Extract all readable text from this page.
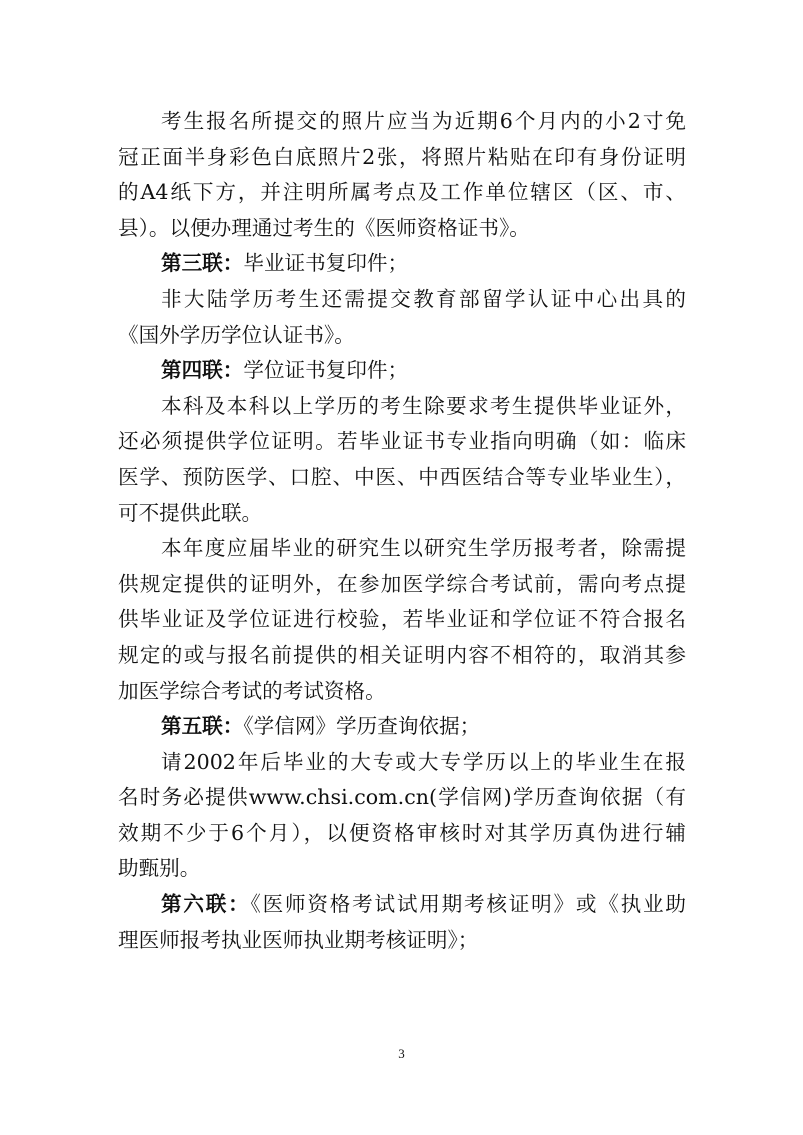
考生报名所提交的照片应当为近期6个月内的小2寸免
冠正面半身彩色白底照片2张，将照片粘贴在印有身份证明
的A4纸下方，并注明所属考点及工作单位辖区（区、市、
县）。以便办理通过考生的《医师资格证书》。
第三联：毕业证书复印件；
非大陆学历考生还需提交教育部留学认证中心出具的
《国外学历学位认证书》。
第四联：学位证书复印件；
本科及本科以上学历的考生除要求考生提供毕业证外，
还必须提供学位证明。若毕业证书专业指向明确（如：临床
医学、预防医学、口腔、中医、中西医结合等专业毕业生），
可不提供此联。
本年度应届毕业的研究生以研究生学历报考者，除需提
供规定提供的证明外，在参加医学综合考试前，需向考点提
供毕业证及学位证进行校验，若毕业证和学位证不符合报名
规定的或与报名前提供的相关证明内容不相符的，取消其参
加医学综合考试的考试资格。
第五联：《学信网》学历查询依据；
请2002年后毕业的大专或大专学历以上的毕业生在报
名时务必提供www.chsi.com.cn(学信网)学历查询依据（有
效期不少于6个月），以便资格审核时对其学历真伪进行辅
助甄别。
第六联：《医师资格考试试用期考核证明》或《执业助
理医师报考执业医师执业期考核证明》；
3
